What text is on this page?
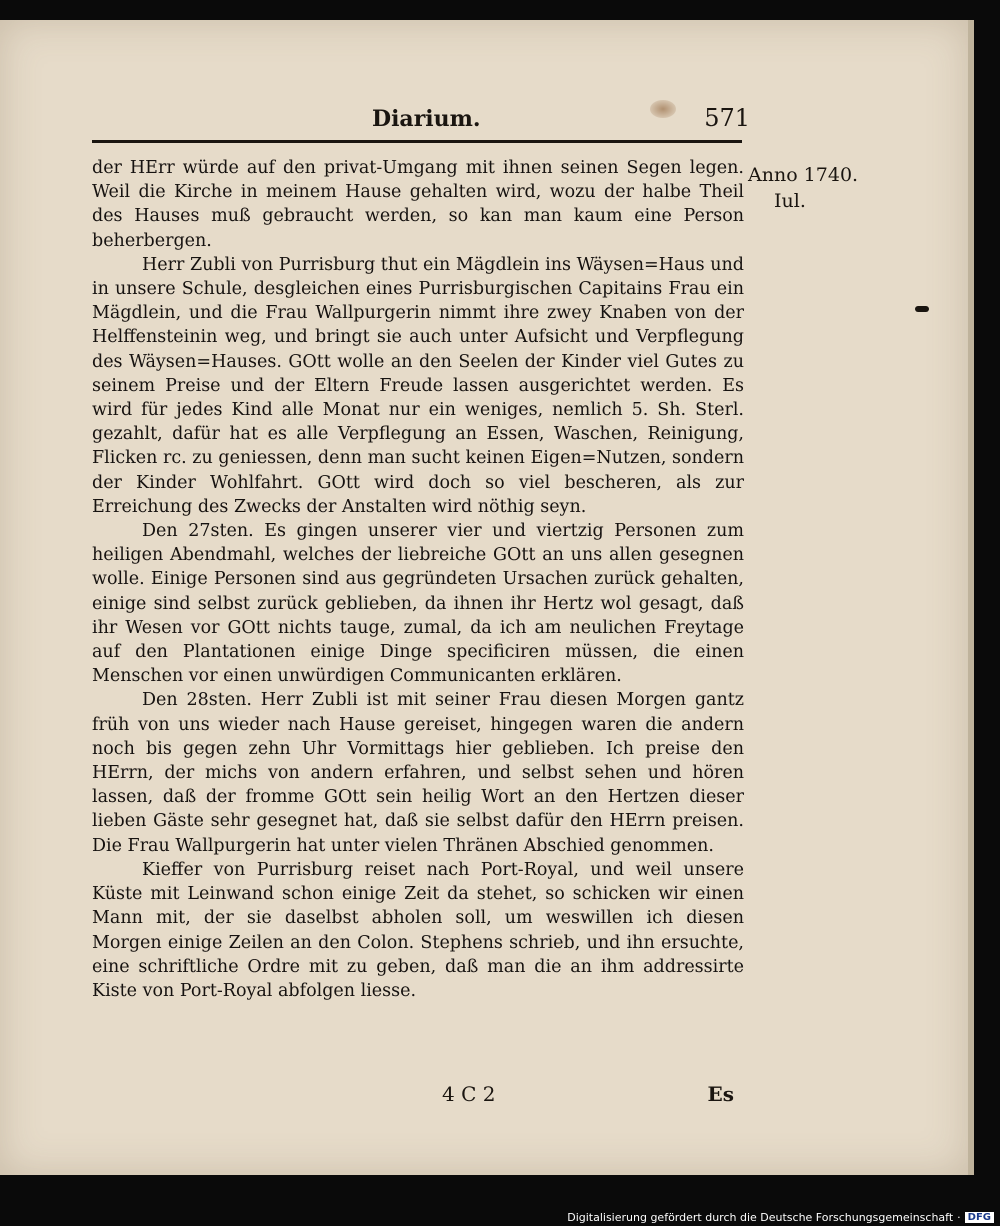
Diarium.	571
Anno 1740.
Iul.

der HErr würde auf den privat-Umgang mit ihnen seinen Segen legen. Weil die Kirche in meinem Hause gehalten wird, wozu der halbe Theil des Hauses muß gebraucht werden, so kan man kaum eine Person beherbergen.

Herr Zubli von Purrisburg thut ein Mägdlein ins Wäysen=Haus und in unsere Schule, desgleichen eines Purrisburgischen Capitains Frau ein Mägdlein, und die Frau Wallpurgerin nimmt ihre zwey Knaben von der Helffensteinin weg, und bringt sie auch unter Aufsicht und Verpflegung des Wäysen=Hauses. GOtt wolle an den Seelen der Kinder viel Gutes zu seinem Preise und der Eltern Freude lassen ausgerichtet werden. Es wird für jedes Kind alle Monat nur ein weniges, nemlich 5. Sh. Sterl. gezahlt, dafür hat es alle Verpflegung an Essen, Waschen, Reinigung, Flicken rc. zu geniessen, denn man sucht keinen Eigen=Nutzen, sondern der Kinder Wohlfahrt. GOtt wird doch so viel bescheren, als zur Erreichung des Zwecks der Anstalten wird nöthig seyn.

Den 27sten. Es gingen unserer vier und viertzig Personen zum heiligen Abendmahl, welches der liebreiche GOtt an uns allen gesegnen wolle. Einige Personen sind aus gegründeten Ursachen zurück gehalten, einige sind selbst zurück geblieben, da ihnen ihr Hertz wol gesagt, daß ihr Wesen vor GOtt nichts tauge, zumal, da ich am neulichen Freytage auf den Plantationen einige Dinge specificiren müssen, die einen Menschen vor einen unwürdigen Communicanten erklären.

Den 28sten. Herr Zubli ist mit seiner Frau diesen Morgen gantz früh von uns wieder nach Hause gereiset, hingegen waren die andern noch bis gegen zehn Uhr Vormittags hier geblieben. Ich preise den HErrn, der michs von andern erfahren, und selbst sehen und hören lassen, daß der fromme GOtt sein heilig Wort an den Hertzen dieser lieben Gäste sehr gesegnet hat, daß sie selbst dafür den HErrn preisen. Die Frau Wallpurgerin hat unter vielen Thränen Abschied genommen.

Kieffer von Purrisburg reiset nach Port-Royal, und weil unsere Küste mit Leinwand schon einige Zeit da stehet, so schicken wir einen Mann mit, der sie daselbst abholen soll, um weswillen ich diesen Morgen einige Zeilen an den Colon. Stephens schrieb, und ihn ersuchte, eine schriftliche Ordre mit zu geben, daß man die an ihm addressirte Kiste von Port-Royal abfolgen liesse.

4 C 2	Es
Digitalisierung gefördert durch die Deutsche Forschungsgemeinschaft · DFG
